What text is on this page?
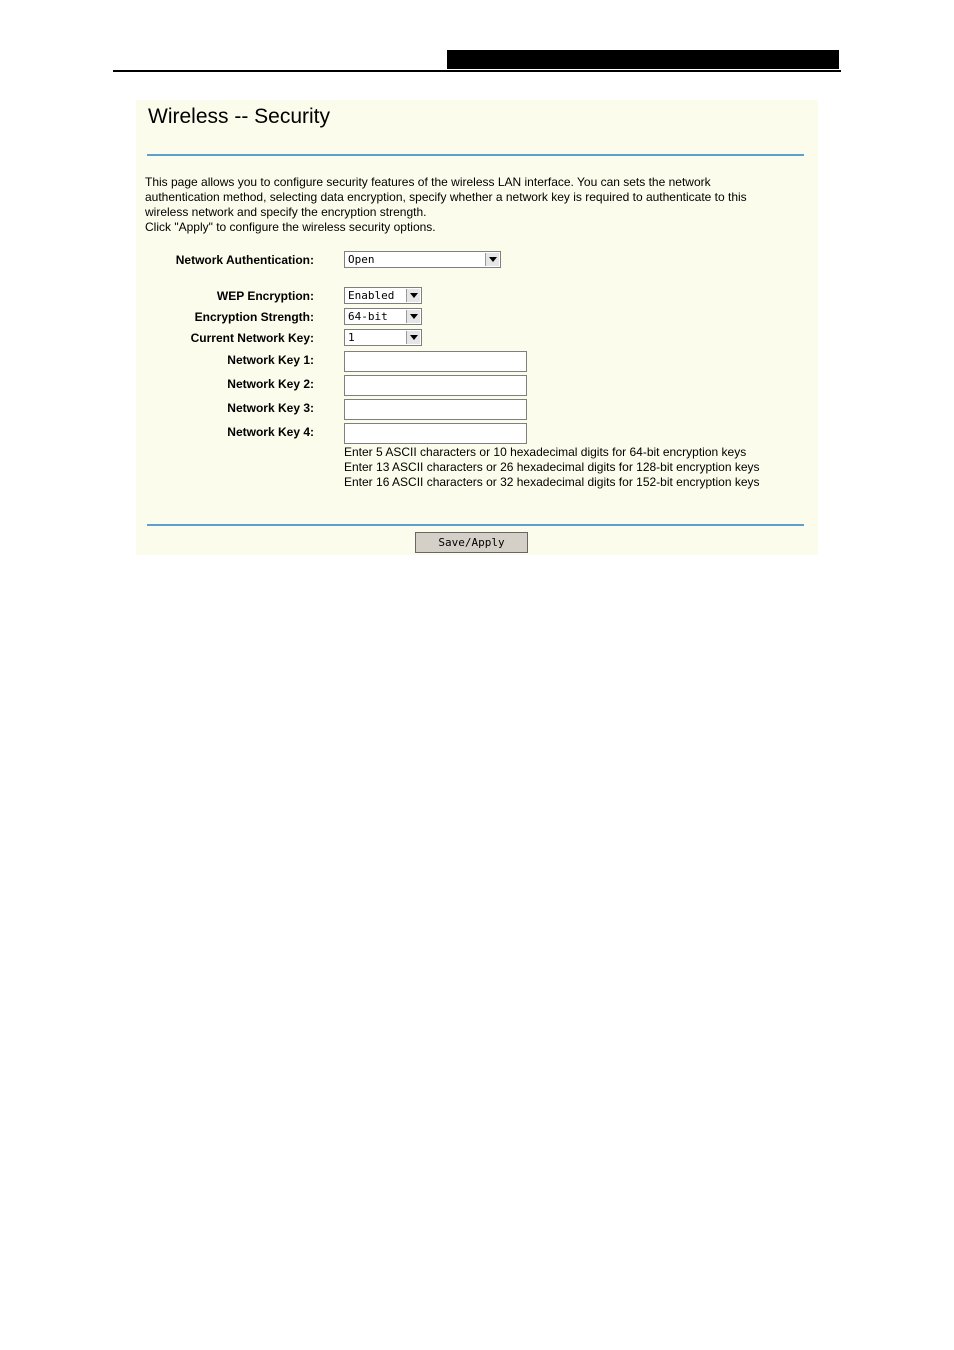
Wireless -- Security

This page allows you to configure security features of the wireless LAN interface. You can sets the network authentication method, selecting data encryption, specify whether a network key is required to authenticate to this wireless network and specify the encryption strength.

Click "Apply" to configure the wireless security options.

Network Authentication:	Open
WEP Encryption:	Enabled
Encryption Strength:	64-bit
Current Network Key:	1
Network Key 1:
Network Key 2:
Network Key 3:
Network Key 4:
Enter 5 ASCII characters or 10 hexadecimal digits for 64-bit encryption keys
Enter 13 ASCII characters or 26 hexadecimal digits for 128-bit encryption keys
Enter 16 ASCII characters or 32 hexadecimal digits for 152-bit encryption keys
Save/Apply
